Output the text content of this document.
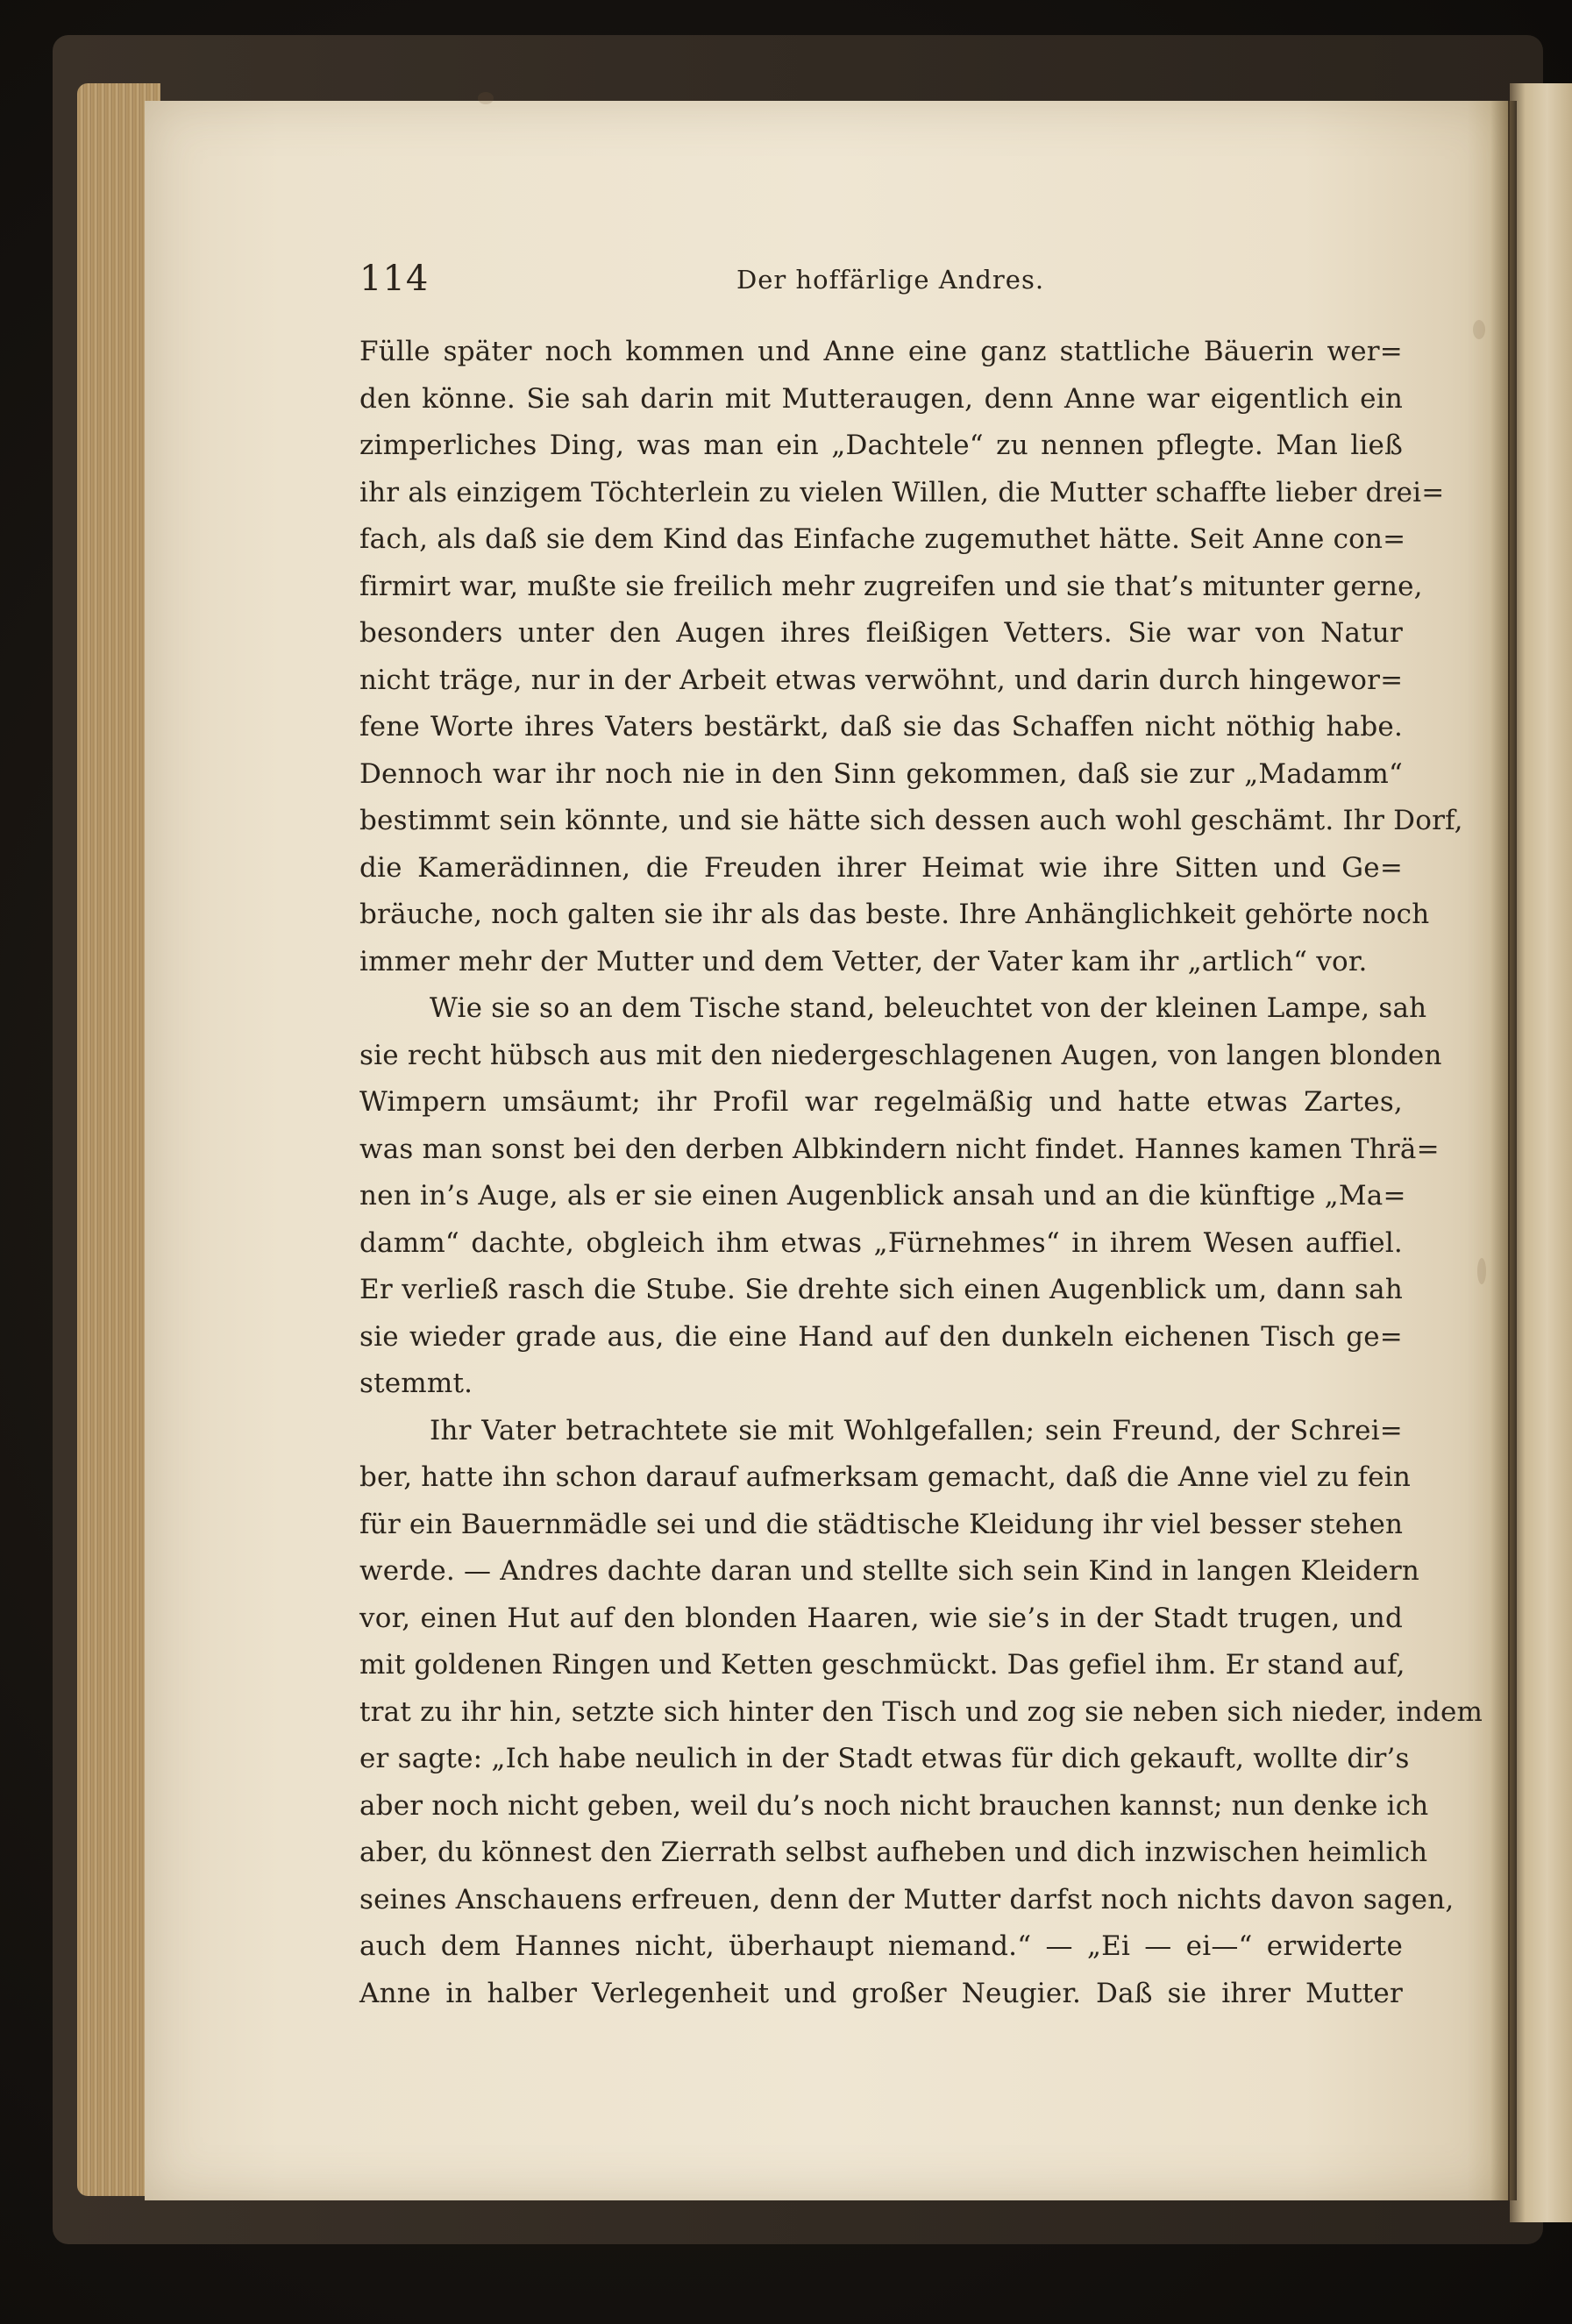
114	Der hoffärlige Andres.
Fülle später noch kommen und Anne eine ganz stattliche Bäuerin wer=
den könne. Sie sah darin mit Mutteraugen, denn Anne war eigentlich ein
zimperliches Ding, was man ein „Dachtele“ zu nennen pflegte. Man ließ
ihr als einzigem Töchterlein zu vielen Willen, die Mutter schaffte lieber drei=
fach, als daß sie dem Kind das Einfache zugemuthet hätte. Seit Anne con=
firmirt war, mußte sie freilich mehr zugreifen und sie that’s mitunter gerne,
besonders unter den Augen ihres fleißigen Vetters. Sie war von Natur
nicht träge, nur in der Arbeit etwas verwöhnt, und darin durch hingewor=
fene Worte ihres Vaters bestärkt, daß sie das Schaffen nicht nöthig habe.
Dennoch war ihr noch nie in den Sinn gekommen, daß sie zur „Madamm“
bestimmt sein könnte, und sie hätte sich dessen auch wohl geschämt. Ihr Dorf,
die Kamerädinnen, die Freuden ihrer Heimat wie ihre Sitten und Ge=
bräuche, noch galten sie ihr als das beste. Ihre Anhänglichkeit gehörte noch
immer mehr der Mutter und dem Vetter, der Vater kam ihr „artlich“ vor.
Wie sie so an dem Tische stand, beleuchtet von der kleinen Lampe, sah
sie recht hübsch aus mit den niedergeschlagenen Augen, von langen blonden
Wimpern umsäumt; ihr Profil war regelmäßig und hatte etwas Zartes,
was man sonst bei den derben Albkindern nicht findet. Hannes kamen Thrä=
nen in’s Auge, als er sie einen Augenblick ansah und an die künftige „Ma=
damm“ dachte, obgleich ihm etwas „Fürnehmes“ in ihrem Wesen auffiel.
Er verließ rasch die Stube. Sie drehte sich einen Augenblick um, dann sah
sie wieder grade aus, die eine Hand auf den dunkeln eichenen Tisch ge=
stemmt.
Ihr Vater betrachtete sie mit Wohlgefallen; sein Freund, der Schrei=
ber, hatte ihn schon darauf aufmerksam gemacht, daß die Anne viel zu fein
für ein Bauernmädle sei und die städtische Kleidung ihr viel besser stehen
werde. — Andres dachte daran und stellte sich sein Kind in langen Kleidern
vor, einen Hut auf den blonden Haaren, wie sie’s in der Stadt trugen, und
mit goldenen Ringen und Ketten geschmückt. Das gefiel ihm. Er stand auf,
trat zu ihr hin, setzte sich hinter den Tisch und zog sie neben sich nieder, indem
er sagte: „Ich habe neulich in der Stadt etwas für dich gekauft, wollte dir’s
aber noch nicht geben, weil du’s noch nicht brauchen kannst; nun denke ich
aber, du könnest den Zierrath selbst aufheben und dich inzwischen heimlich
seines Anschauens erfreuen, denn der Mutter darfst noch nichts davon sagen,
auch dem Hannes nicht, überhaupt niemand.“ — „Ei — ei—“ erwiderte
Anne in halber Verlegenheit und großer Neugier. Daß sie ihrer Mutter
